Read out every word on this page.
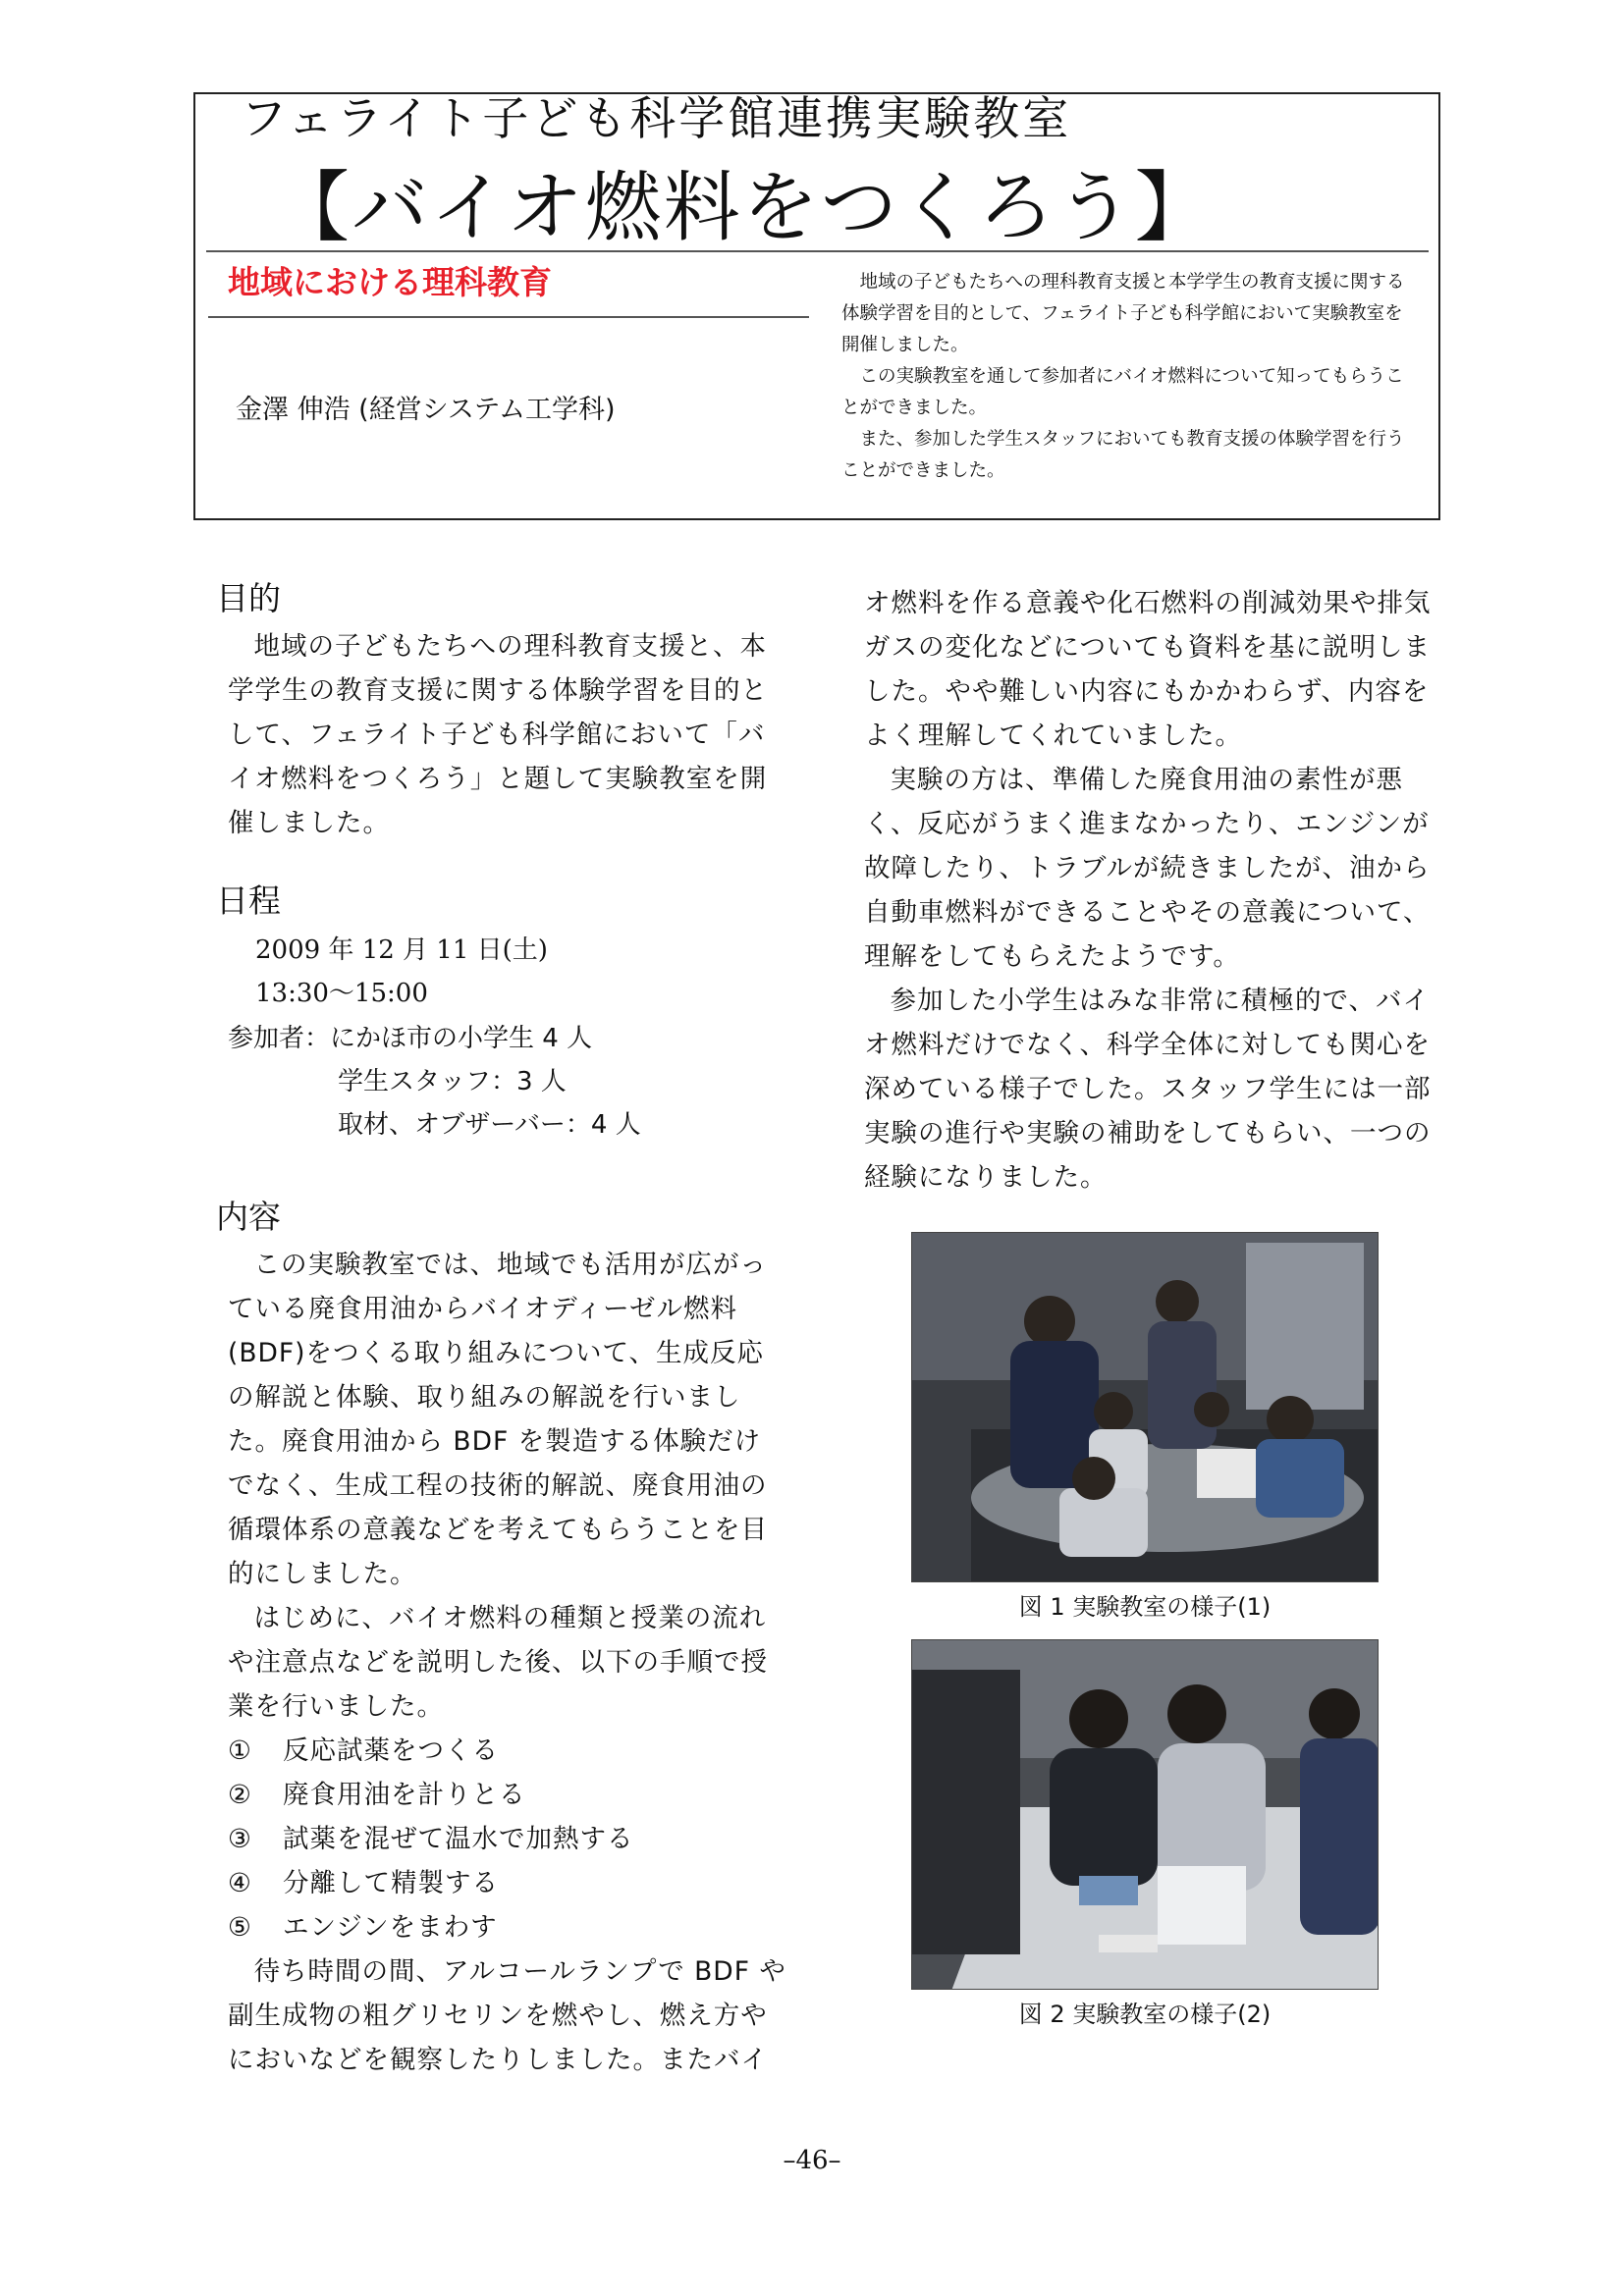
フェライト子ども科学館連携実験教室
【バイオ燃料をつくろう】
地域における理科教育
金澤 伸浩 (経営システム工学科)

地域の子どもたちへの理科教育支援と本学学生の教育支援に関する体験学習を目的として、フェライト子ども科学館において実験教室を開催しました。

この実験教室を通して参加者にバイオ燃料について知ってもらうことができました。

また、参加した学生スタッフにおいても教育支援の体験学習を行うことができました。

目的

地域の子どもたちへの理科教育支援と、本学学生の教育支援に関する体験学習を目的として、フェライト子ども科学館において「バイオ燃料をつくろう」と題して実験教室を開催しました。

日程
2009 年 12 月 11 日(土)
13:30〜15:00
参加者：にかほ市の小学生 4 人
学生スタッフ：3 人
取材、オブザーバー：4 人
内容

この実験教室では、地域でも活用が広がっている廃食用油からバイオディーゼル燃料(BDF)をつくる取り組みについて、生成反応の解説と体験、取り組みの解説を行いました。廃食用油から BDF を製造する体験だけでなく、生成工程の技術的解説、廃食用油の循環体系の意義などを考えてもらうことを目的にしました。

はじめに、バイオ燃料の種類と授業の流れや注意点などを説明した後、以下の手順で授業を行いました。

① 反応試薬をつくる
② 廃食用油を計りとる
③ 試薬を混ぜて温水で加熱する
④ 分離して精製する
⑤ エンジンをまわす

待ち時間の間、アルコールランプで BDF や副生成物の粗グリセリンを燃やし、燃え方やにおいなどを観察したりしました。またバイ

オ燃料を作る意義や化石燃料の削減効果や排気ガスの変化などについても資料を基に説明しました。やや難しい内容にもかかわらず、内容をよく理解してくれていました。

実験の方は、準備した廃食用油の素性が悪く、反応がうまく進まなかったり、エンジンが故障したり、トラブルが続きましたが、油から自動車燃料ができることやその意義について、理解をしてもらえたようです。

参加した小学生はみな非常に積極的で、バイオ燃料だけでなく、科学全体に対しても関心を深めている様子でした。スタッフ学生には一部実験の進行や実験の補助をしてもらい、一つの経験になりました。

図 1 実験教室の様子(1)
図 2 実験教室の様子(2)
–46–
